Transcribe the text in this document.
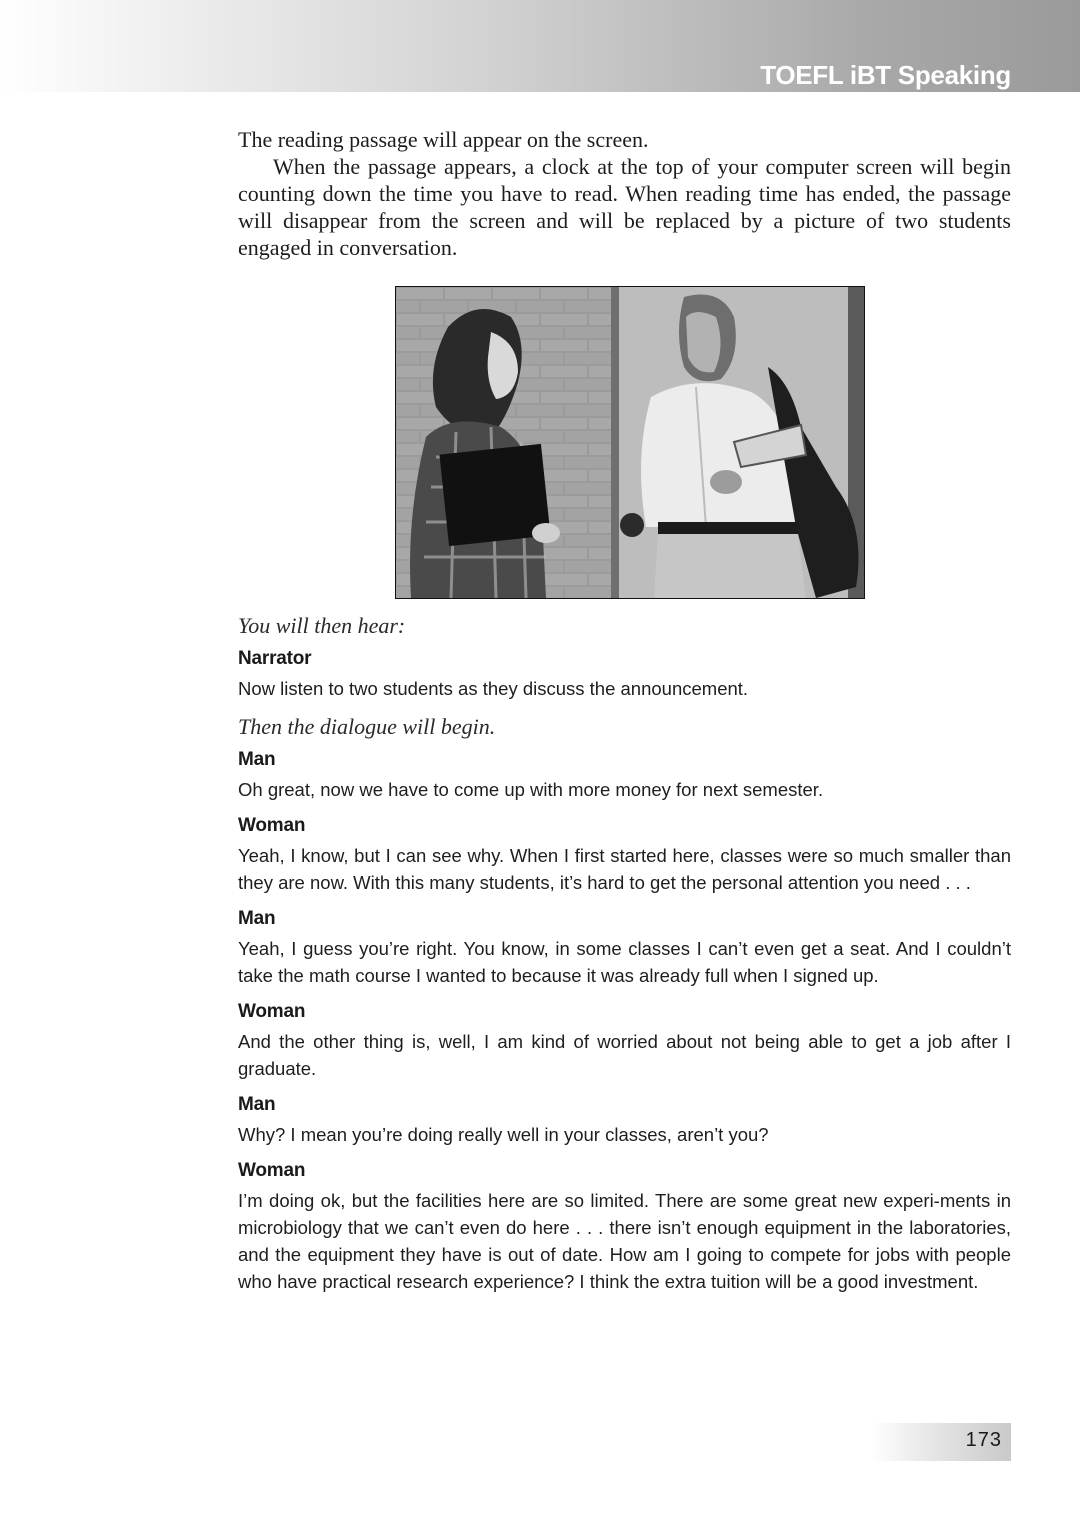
TOEFL iBT Speaking

The reading passage will appear on the screen.

When the passage appears, a clock at the top of your computer screen will begin counting down the time you have to read. When reading time has ended, the passage will disappear from the screen and will be replaced by a picture of two students engaged in conversation.

You will then hear:
Narrator
Now listen to two students as they discuss the announcement.
Then the dialogue will begin.
Man
Oh great, now we have to come up with more money for next semester.
Woman
Yeah, I know, but I can see why. When I first started here, classes were so much smaller than they are now. With this many students, it’s hard to get the personal attention you need . . .
Man
Yeah, I guess you’re right. You know, in some classes I can’t even get a seat. And I couldn’t take the math course I wanted to because it was already full when I signed up.
Woman
And the other thing is, well, I am kind of worried about not being able to get a job after I graduate.
Man
Why? I mean you’re doing really well in your classes, aren’t you?
Woman
I’m doing ok, but the facilities here are so limited. There are some great new experi-ments in microbiology that we can’t even do here . . . there isn’t enough equipment in the laboratories, and the equipment they have is out of date. How am I going to compete for jobs with people who have practical research experience? I think the extra tuition will be a good investment.
173
